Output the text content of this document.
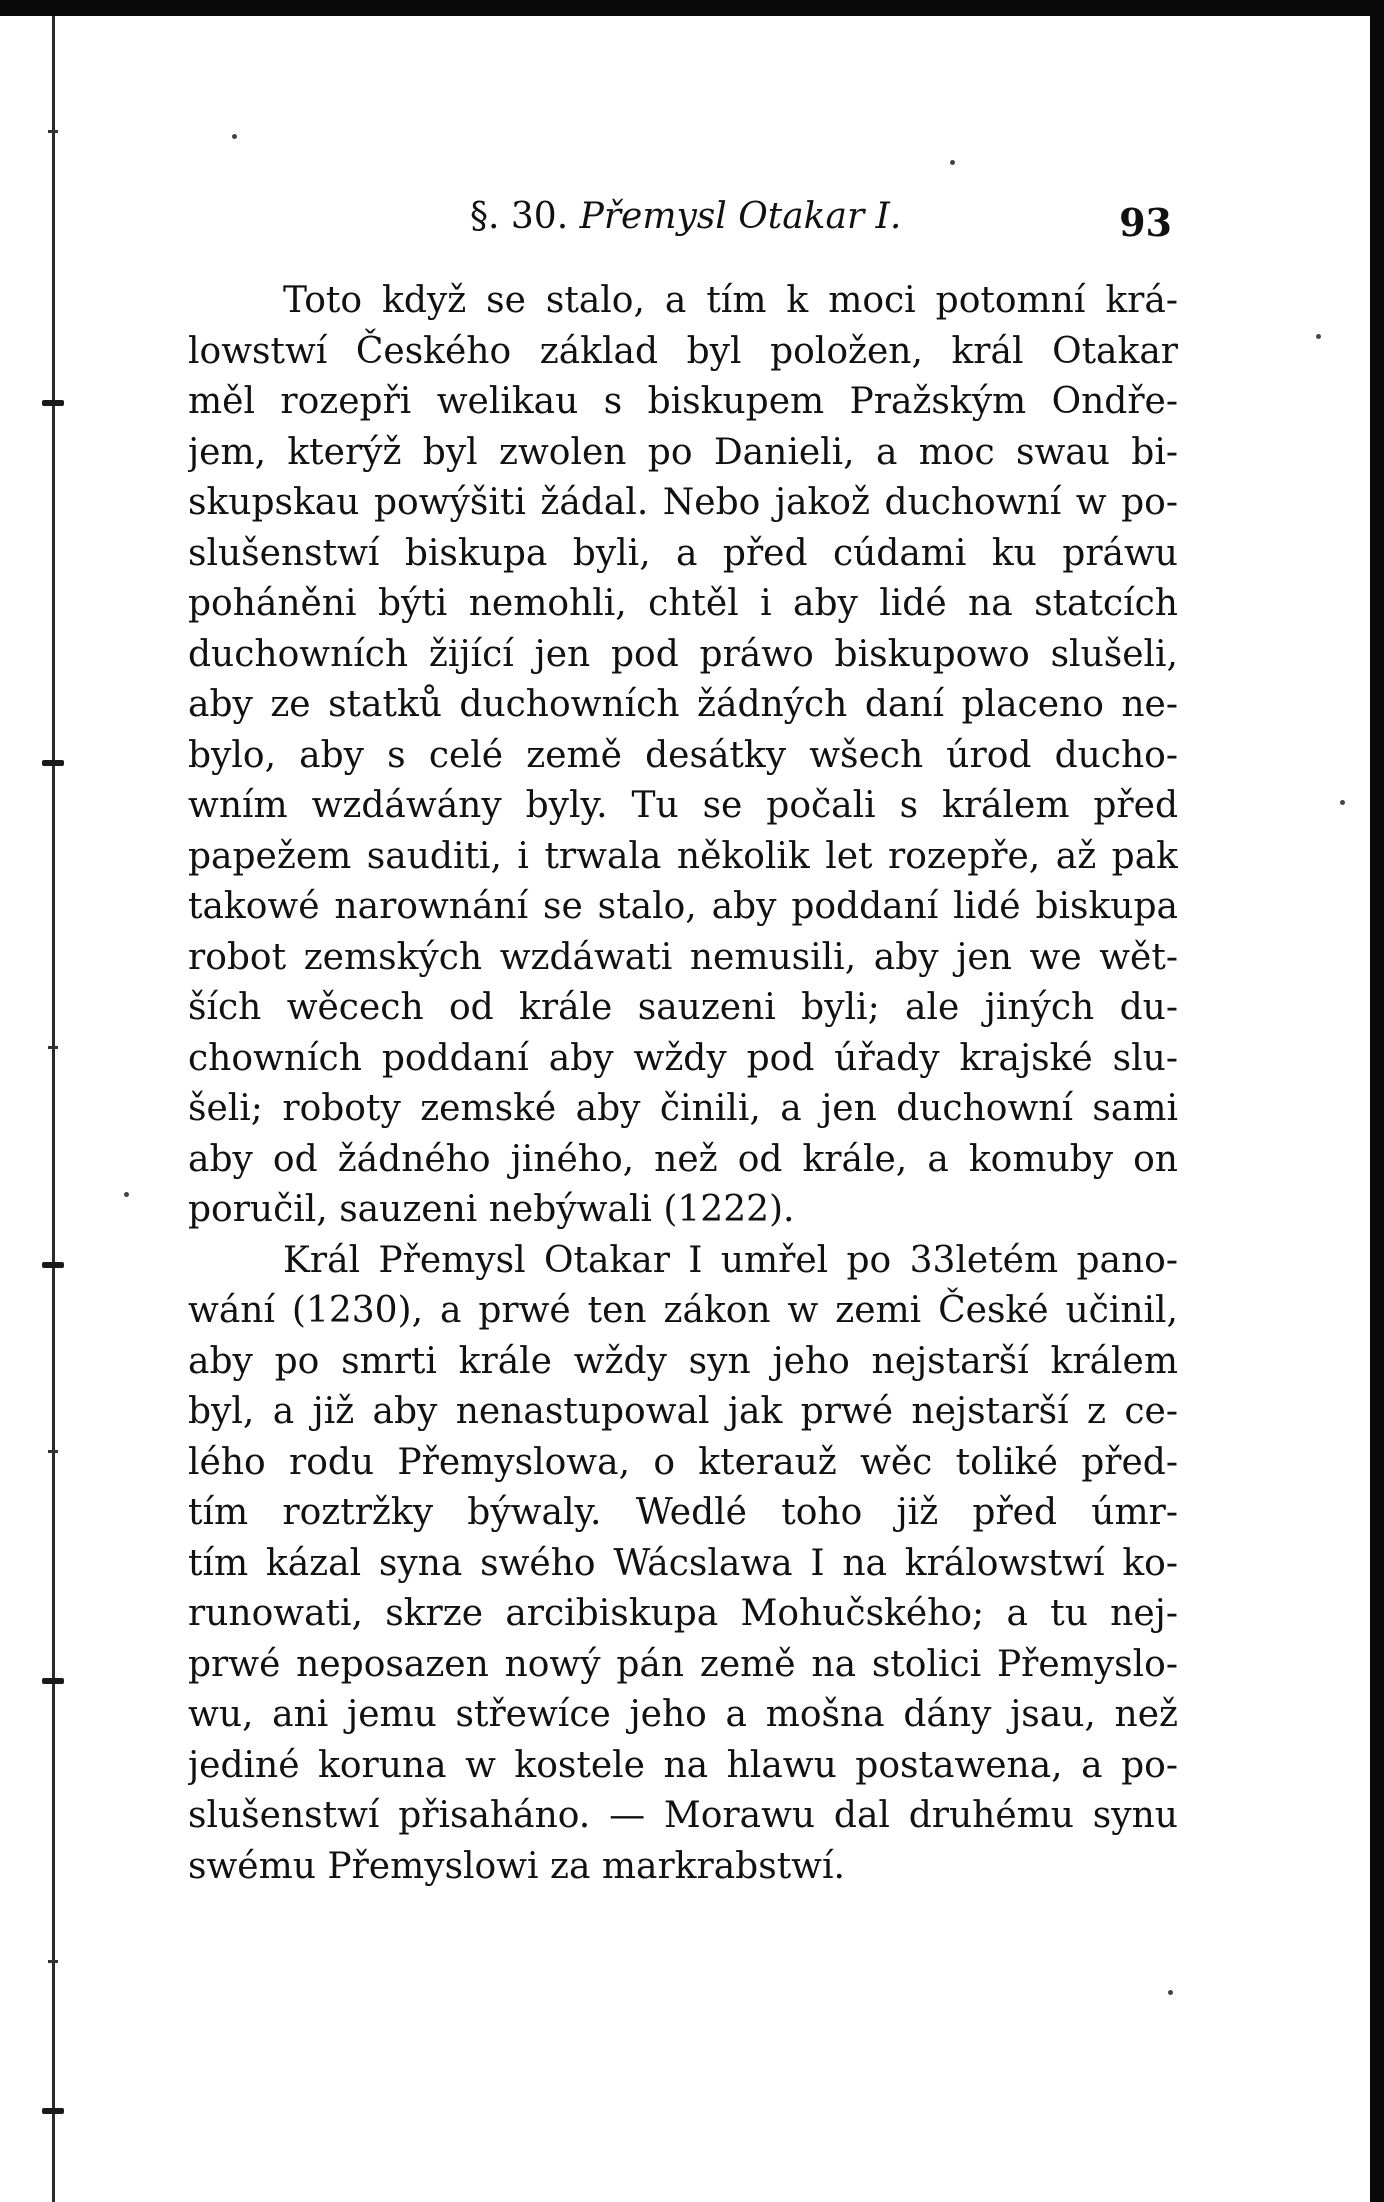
§. 30. Přemysl Otakar I.	93
Toto když se stalo, a tím k moci potomní krá-
lowstwí Českého základ byl položen, král Otakar
měl rozepři welikau s biskupem Pražským Ondře-
jem, kterýž byl zwolen po Danieli, a moc swau bi-
skupskau powýšiti žádal. Nebo jakož duchowní w po-
slušenstwí biskupa byli, a před cúdami ku práwu
poháněni býti nemohli, chtěl i aby lidé na statcích
duchowních žijící jen pod práwo biskupowo slušeli,
aby ze statků duchowních žádných daní placeno ne-
bylo, aby s celé země desátky wšech úrod ducho-
wním wzdáwány byly. Tu se počali s králem před
papežem sauditi, i trwala několik let rozepře, až pak
takowé narownání se stalo, aby poddaní lidé biskupa
robot zemských wzdáwati nemusili, aby jen we wět-
ších wěcech od krále sauzeni byli; ale jiných du-
chowních poddaní aby wždy pod úřady krajské slu-
šeli; roboty zemské aby činili, a jen duchowní sami
aby od žádného jiného, než od krále, a komuby on
poručil, sauzeni nebýwali (1222).
Král Přemysl Otakar I umřel po 33letém pano-
wání (1230), a prwé ten zákon w zemi České učinil,
aby po smrti krále wždy syn jeho nejstarší králem
byl, a již aby nenastupowal jak prwé nejstarší z ce-
lého rodu Přemyslowa, o kterauž wěc toliké před-
tím roztržky býwaly. Wedlé toho již před úmr-
tím kázal syna swého Wácslawa I na králowstwí ko-
runowati, skrze arcibiskupa Mohučského; a tu nej-
prwé neposazen nowý pán země na stolici Přemyslo-
wu, ani jemu střewíce jeho a mošna dány jsau, než
jediné koruna w kostele na hlawu postawena, a po-
slušenstwí přisaháno. — Morawu dal druhému synu
swému Přemyslowi za markrabstwí.
